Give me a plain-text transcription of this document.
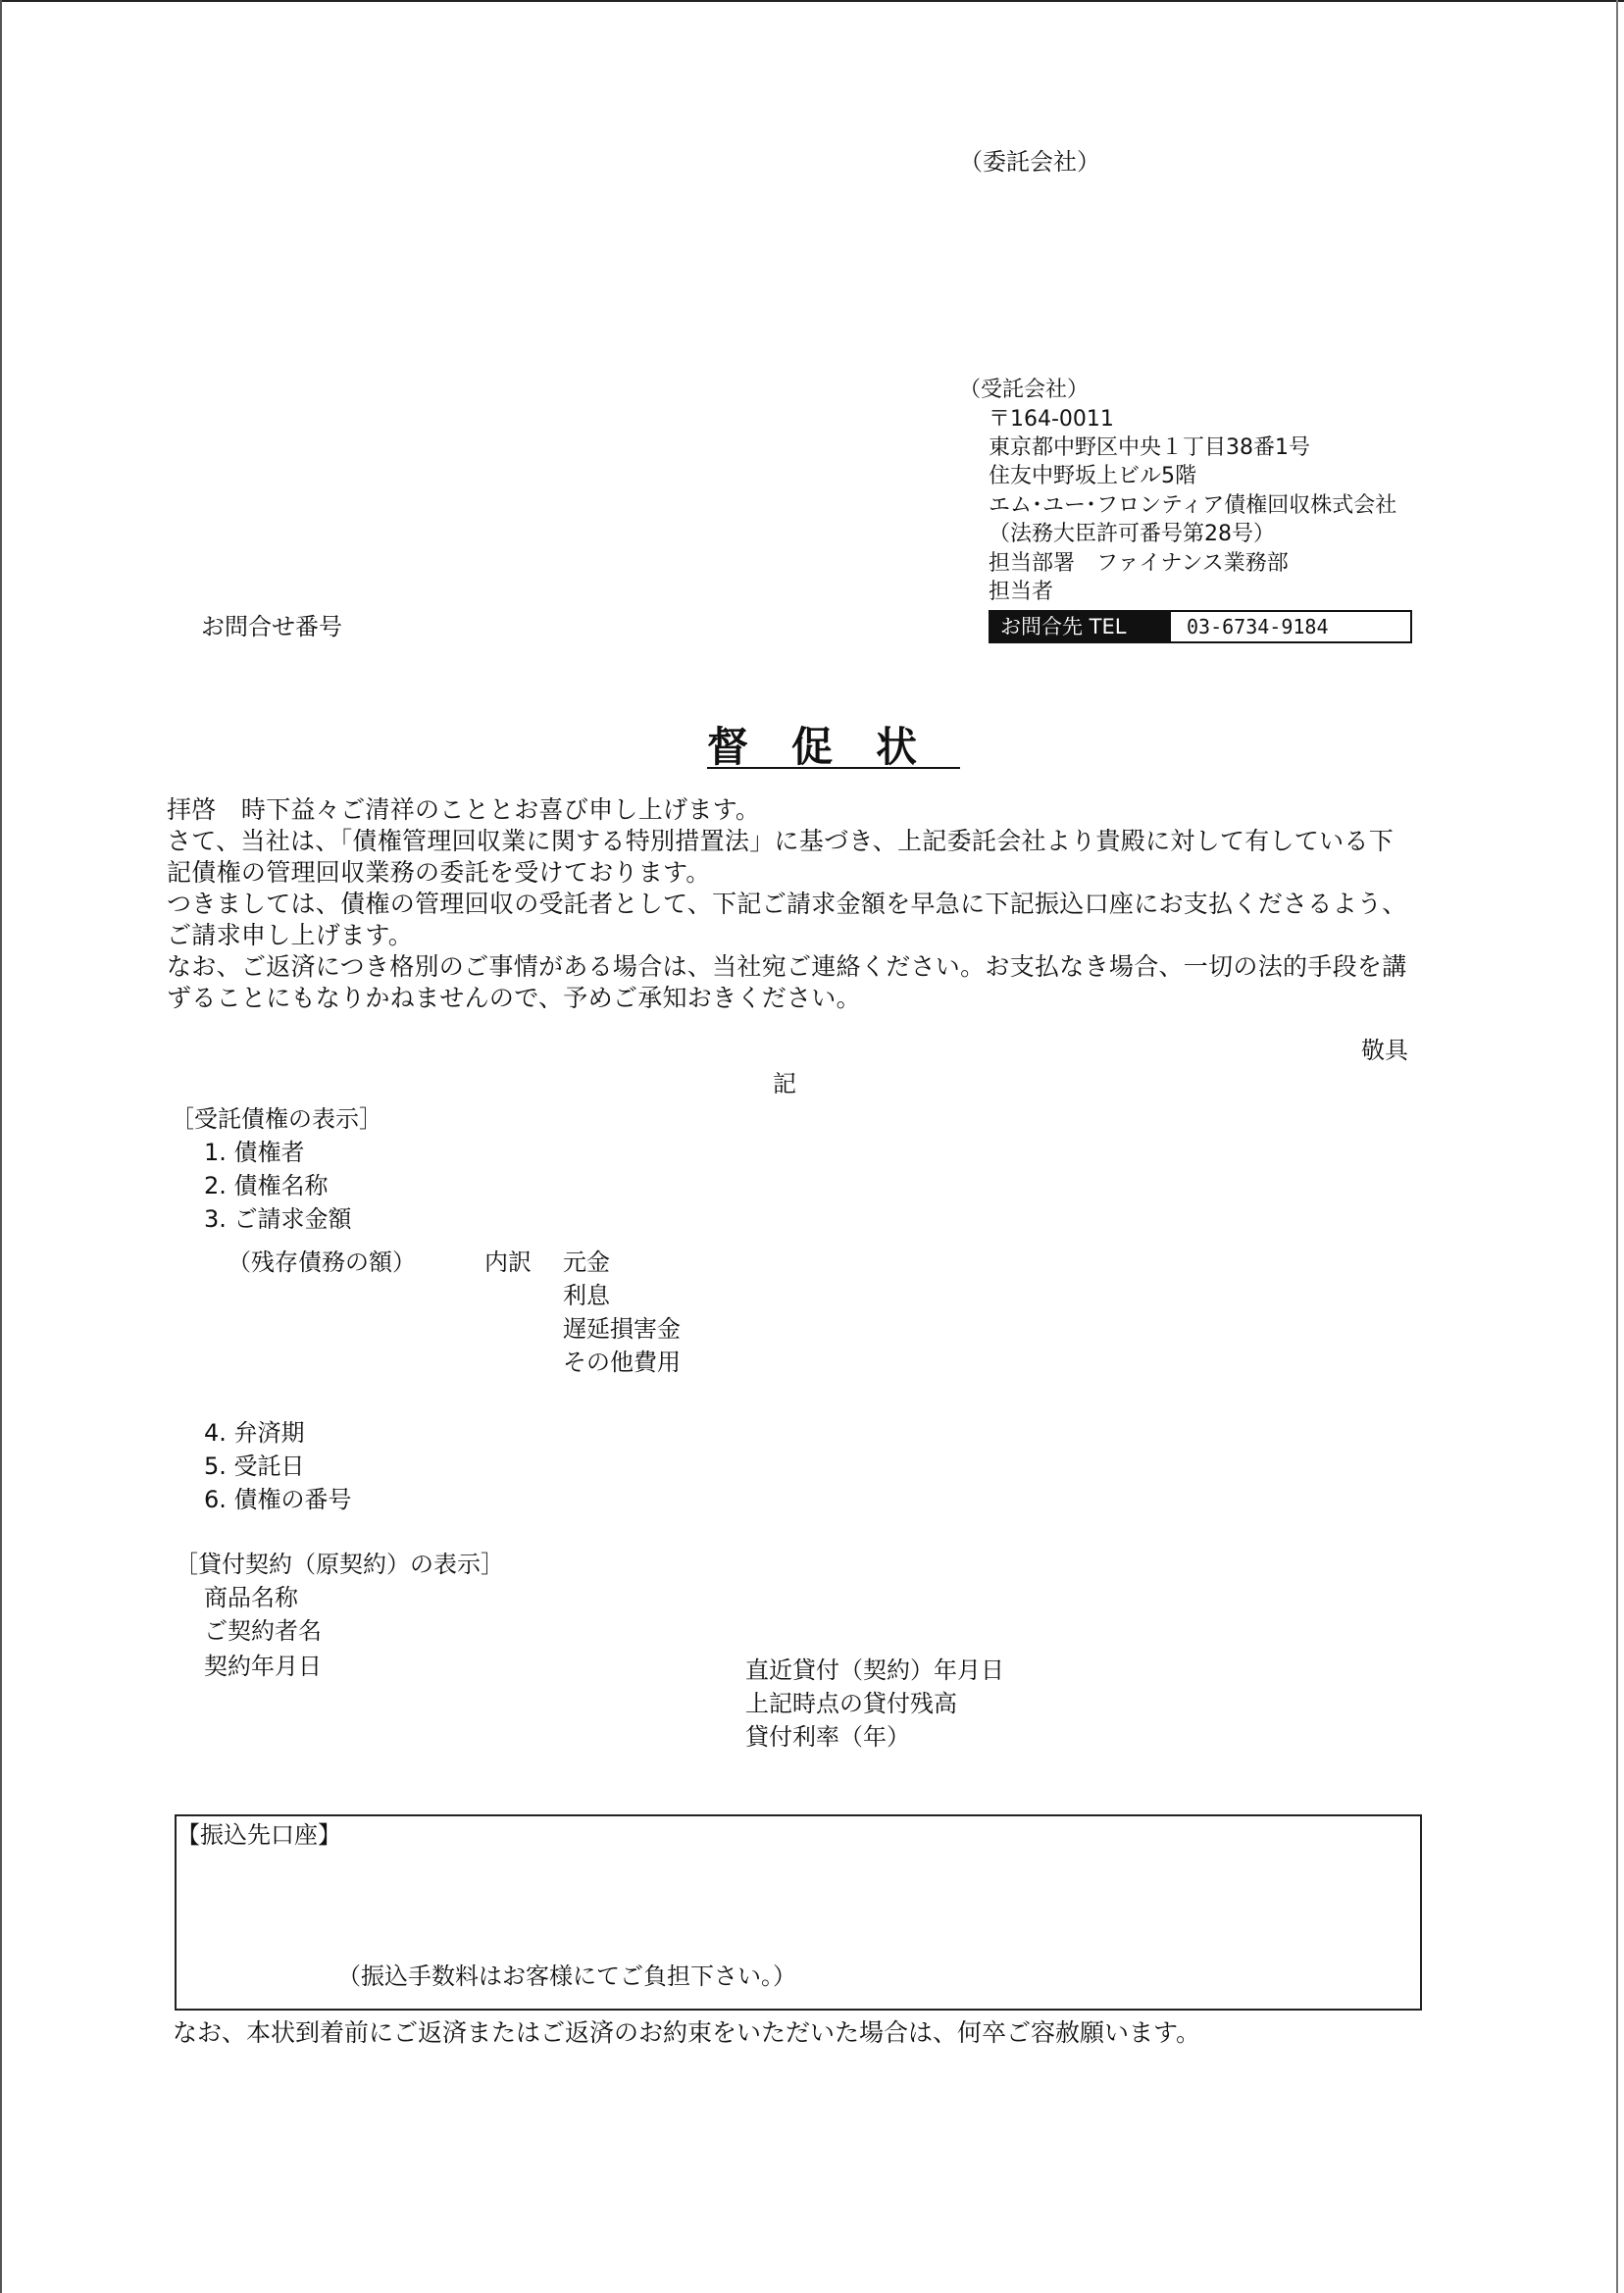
（委託会社）
（受託会社）
〒164-0011
東京都中野区中央１丁目38番1号
住友中野坂上ビル5階
エム･ユー･フロンティア債権回収株式会社
（法務大臣許可番号第28号）
担当部署　ファイナンス業務部
担当者
お問合先 TEL	03-6734-9184
お問合せ番号
督促状

拝啓　時下益々ご清祥のこととお喜び申し上げます。

さて、当社は、「債権管理回収業に関する特別措置法」に基づき、上記委託会社より貴殿に対して有している下記債権の管理回収業務の委託を受けております。

つきましては、債権の管理回収の受託者として、下記ご請求金額を早急に下記振込口座にお支払くださるよう、ご請求申し上げます。

なお、ご返済につき格別のご事情がある場合は、当社宛ご連絡ください。お支払なき場合、一切の法的手段を講ずることにもなりかねませんので、予めご承知おきください。

敬具
記
［受託債権の表示］
1. 債権者
2. 債権名称
3. ご請求金額
（残存債務の額）	内訳 元金
利息
遅延損害金
その他費用
4. 弁済期
5. 受託日
6. 債権の番号
［貸付契約（原契約）の表示］
商品名称
ご契約者名
契約年月日	直近貸付（契約）年月日
上記時点の貸付残高
貸付利率（年）
【振込先口座】
（振込手数料はお客様にてご負担下さい。）
なお、本状到着前にご返済またはご返済のお約束をいただいた場合は、何卒ご容赦願います。
